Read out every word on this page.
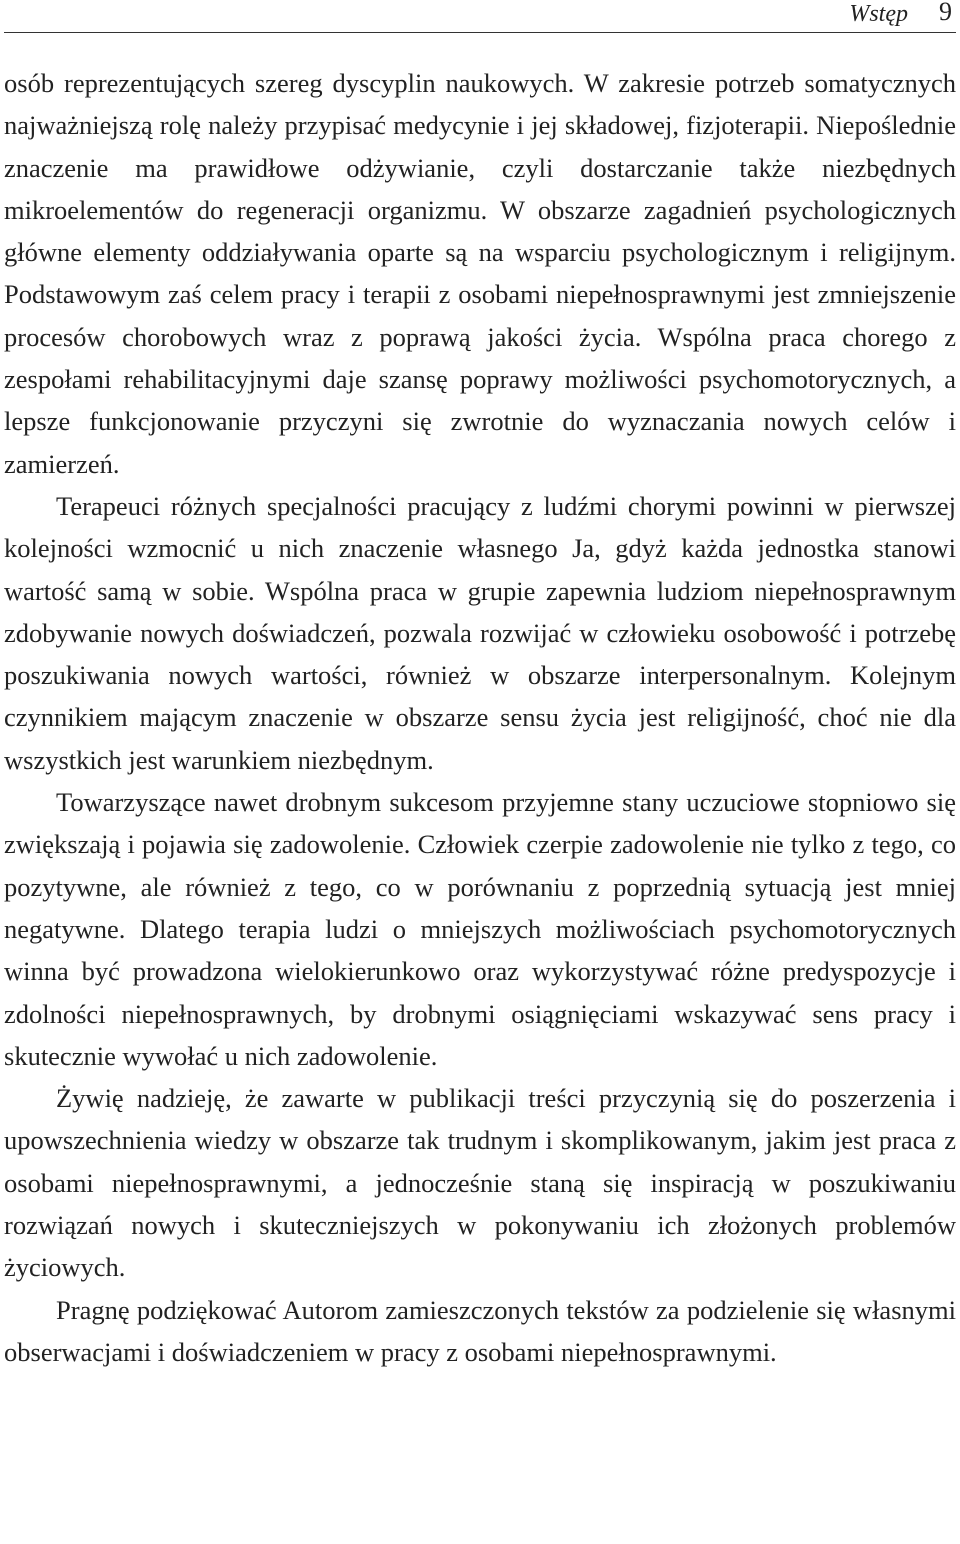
Wstęp 9

osób reprezentujących szereg dyscyplin naukowych. W zakresie potrzeb somatycznych najważniejszą rolę należy przypisać medycynie i jej składowej, fizjoterapii. Niepoślednie znaczenie ma prawidłowe odżywianie, czyli dostarczanie także niezbędnych mikroelementów do regeneracji organizmu. W obszarze zagadnień psychologicznych główne elementy oddziaływania oparte są na wsparciu psychologicznym i religijnym. Podstawowym zaś celem pracy i terapii z osobami niepełnosprawnymi jest zmniejszenie procesów chorobowych wraz z poprawą jakości życia. Wspólna praca chorego z zespołami rehabilitacyjnymi daje szansę poprawy możliwości psychomotorycznych, a lepsze funkcjonowanie przyczyni się zwrotnie do wyznaczania nowych celów i zamierzeń.

Terapeuci różnych specjalności pracujący z ludźmi chorymi powinni w pierwszej kolejności wzmocnić u nich znaczenie własnego Ja, gdyż każda jednostka stanowi wartość samą w sobie. Wspólna praca w grupie zapewnia ludziom niepełnosprawnym zdobywanie nowych doświadczeń, pozwala rozwijać w człowieku osobowość i potrzebę poszukiwania nowych wartości, również w obszarze interpersonalnym. Kolejnym czynnikiem mającym znaczenie w obszarze sensu życia jest religijność, choć nie dla wszystkich jest warunkiem niezbędnym.

Towarzyszące nawet drobnym sukcesom przyjemne stany uczuciowe stopniowo się zwiększają i pojawia się zadowolenie. Człowiek czerpie zadowolenie nie tylko z tego, co pozytywne, ale również z tego, co w porównaniu z poprzednią sytuacją jest mniej negatywne. Dlatego terapia ludzi o mniejszych możliwościach psychomotorycznych winna być prowadzona wielokierunkowo oraz wykorzystywać różne predyspozycje i zdolności niepełnosprawnych, by drobnymi osiągnięciami wskazywać sens pracy i skutecznie wywołać u nich zadowolenie.

Żywię nadzieję, że zawarte w publikacji treści przyczynią się do poszerzenia i upowszechnienia wiedzy w obszarze tak trudnym i skomplikowanym, jakim jest praca z osobami niepełnosprawnymi, a jednocześnie staną się inspiracją w poszukiwaniu rozwiązań nowych i skuteczniejszych w pokonywaniu ich złożonych problemów życiowych.

Pragnę podziękować Autorom zamieszczonych tekstów za podzielenie się własnymi obserwacjami i doświadczeniem w pracy z osobami niepełnosprawnymi.
